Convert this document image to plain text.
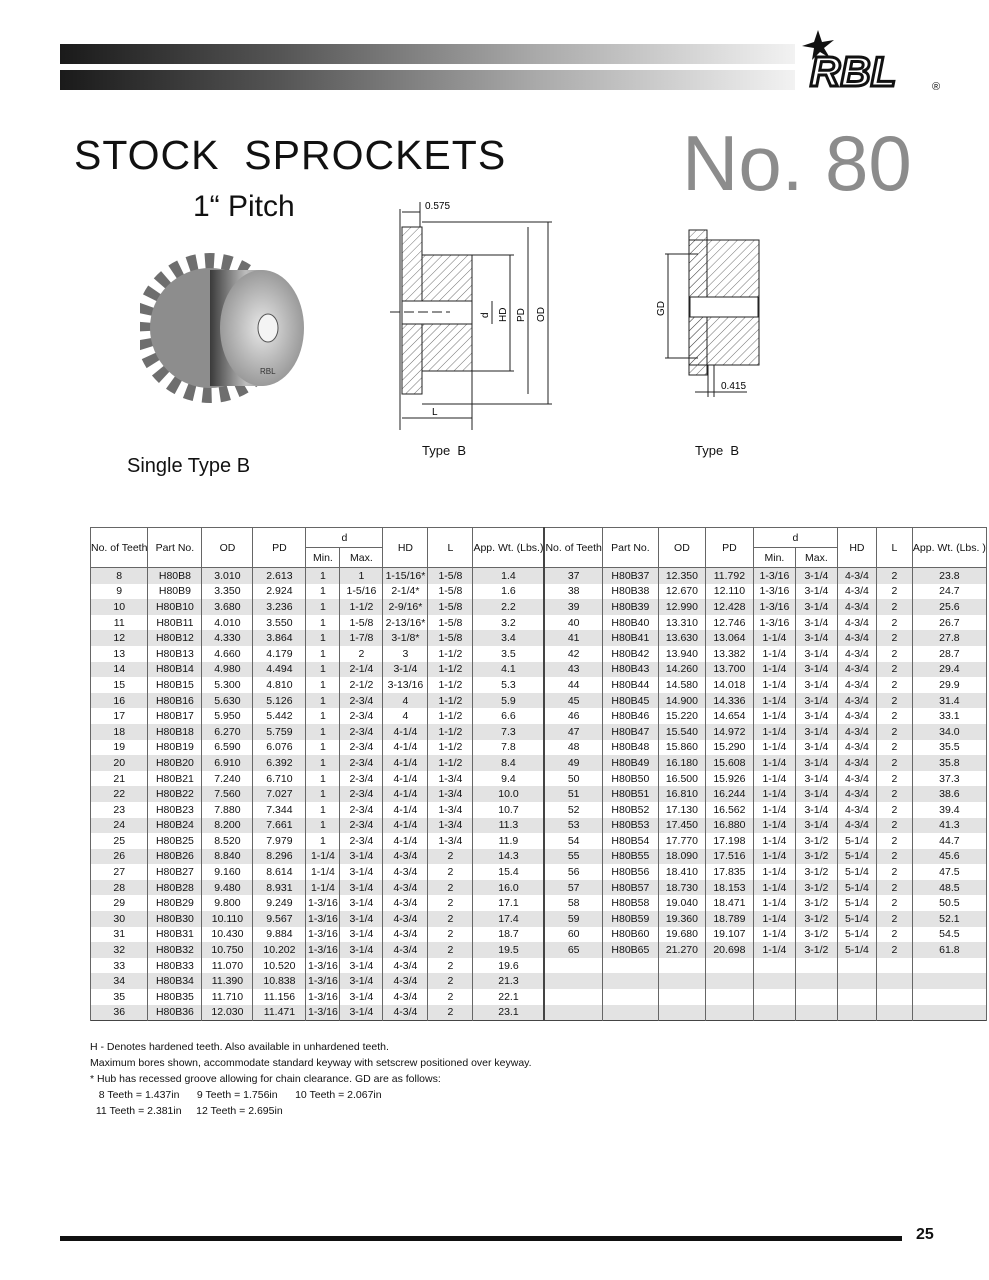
RBL	®
STOCK  SPROCKETS No. 80
1“ Pitch
Single Type B
RBL
0.575
L
d HD PD OD	GD
0.415
Type  B	Type  B
No. of Teeth	Part No.	OD	PD	d		HD	L	App. Wt. (Lbs.)	No. of Teeth	Part No.	OD	PD	d		HD	L	App. Wt. (Lbs. )
				Min.	Max.								Min.	Max.			
8	H80B8	3.010	2.613	1	1	1-15/16*	1-5/8	1.4	37	H80B37	12.350	11.792	1-3/16	3-1/4	4-3/4	2	23.8
9	H80B9	3.350	2.924	1	1-5/16	2-1/4*	1-5/8	1.6	38	H80B38	12.670	12.110	1-3/16	3-1/4	4-3/4	2	24.7
10	H80B10	3.680	3.236	1	1-1/2	2-9/16*	1-5/8	2.2	39	H80B39	12.990	12.428	1-3/16	3-1/4	4-3/4	2	25.6
11	H80B11	4.010	3.550	1	1-5/8	2-13/16*	1-5/8	3.2	40	H80B40	13.310	12.746	1-3/16	3-1/4	4-3/4	2	26.7
12	H80B12	4.330	3.864	1	1-7/8	3-1/8*	1-5/8	3.4	41	H80B41	13.630	13.064	1-1/4	3-1/4	4-3/4	2	27.8
13	H80B13	4.660	4.179	1	2	3	1-1/2	3.5	42	H80B42	13.940	13.382	1-1/4	3-1/4	4-3/4	2	28.7
14	H80B14	4.980	4.494	1	2-1/4	3-1/4	1-1/2	4.1	43	H80B43	14.260	13.700	1-1/4	3-1/4	4-3/4	2	29.4
15	H80B15	5.300	4.810	1	2-1/2	3-13/16	1-1/2	5.3	44	H80B44	14.580	14.018	1-1/4	3-1/4	4-3/4	2	29.9
16	H80B16	5.630	5.126	1	2-3/4	4	1-1/2	5.9	45	H80B45	14.900	14.336	1-1/4	3-1/4	4-3/4	2	31.4
17	H80B17	5.950	5.442	1	2-3/4	4	1-1/2	6.6	46	H80B46	15.220	14.654	1-1/4	3-1/4	4-3/4	2	33.1
18	H80B18	6.270	5.759	1	2-3/4	4-1/4	1-1/2	7.3	47	H80B47	15.540	14.972	1-1/4	3-1/4	4-3/4	2	34.0
19	H80B19	6.590	6.076	1	2-3/4	4-1/4	1-1/2	7.8	48	H80B48	15.860	15.290	1-1/4	3-1/4	4-3/4	2	35.5
20	H80B20	6.910	6.392	1	2-3/4	4-1/4	1-1/2	8.4	49	H80B49	16.180	15.608	1-1/4	3-1/4	4-3/4	2	35.8
21	H80B21	7.240	6.710	1	2-3/4	4-1/4	1-3/4	9.4	50	H80B50	16.500	15.926	1-1/4	3-1/4	4-3/4	2	37.3
22	H80B22	7.560	7.027	1	2-3/4	4-1/4	1-3/4	10.0	51	H80B51	16.810	16.244	1-1/4	3-1/4	4-3/4	2	38.6
23	H80B23	7.880	7.344	1	2-3/4	4-1/4	1-3/4	10.7	52	H80B52	17.130	16.562	1-1/4	3-1/4	4-3/4	2	39.4
24	H80B24	8.200	7.661	1	2-3/4	4-1/4	1-3/4	11.3	53	H80B53	17.450	16.880	1-1/4	3-1/4	4-3/4	2	41.3
25	H80B25	8.520	7.979	1	2-3/4	4-1/4	1-3/4	11.9	54	H80B54	17.770	17.198	1-1/4	3-1/2	5-1/4	2	44.7
26	H80B26	8.840	8.296	1-1/4	3-1/4	4-3/4	2	14.3	55	H80B55	18.090	17.516	1-1/4	3-1/2	5-1/4	2	45.6
27	H80B27	9.160	8.614	1-1/4	3-1/4	4-3/4	2	15.4	56	H80B56	18.410	17.835	1-1/4	3-1/2	5-1/4	2	47.5
28	H80B28	9.480	8.931	1-1/4	3-1/4	4-3/4	2	16.0	57	H80B57	18.730	18.153	1-1/4	3-1/2	5-1/4	2	48.5
29	H80B29	9.800	9.249	1-3/16	3-1/4	4-3/4	2	17.1	58	H80B58	19.040	18.471	1-1/4	3-1/2	5-1/4	2	50.5
30	H80B30	10.110	9.567	1-3/16	3-1/4	4-3/4	2	17.4	59	H80B59	19.360	18.789	1-1/4	3-1/2	5-1/4	2	52.1
31	H80B31	10.430	9.884	1-3/16	3-1/4	4-3/4	2	18.7	60	H80B60	19.680	19.107	1-1/4	3-1/2	5-1/4	2	54.5
32	H80B32	10.750	10.202	1-3/16	3-1/4	4-3/4	2	19.5	65	H80B65	21.270	20.698	1-1/4	3-1/2	5-1/4	2	61.8
33	H80B33	11.070	10.520	1-3/16	3-1/4	4-3/4	2	19.6									
34	H80B34	11.390	10.838	1-3/16	3-1/4	4-3/4	2	21.3									
35	H80B35	11.710	11.156	1-3/16	3-1/4	4-3/4	2	22.1									
36	H80B36	12.030	11.471	1-3/16	3-1/4	4-3/4	2	23.1									
H - Denotes hardened teeth. Also available in unhardened teeth.
Maximum bores shown, accommodate standard keyway with setscrew positioned over keyway.
* Hub has recessed groove allowing for chain clearance. GD are as follows:
8 Teeth = 1.437in      9 Teeth = 1.756in      10 Teeth = 2.067in
11 Teeth = 2.381in     12 Teeth = 2.695in
25
